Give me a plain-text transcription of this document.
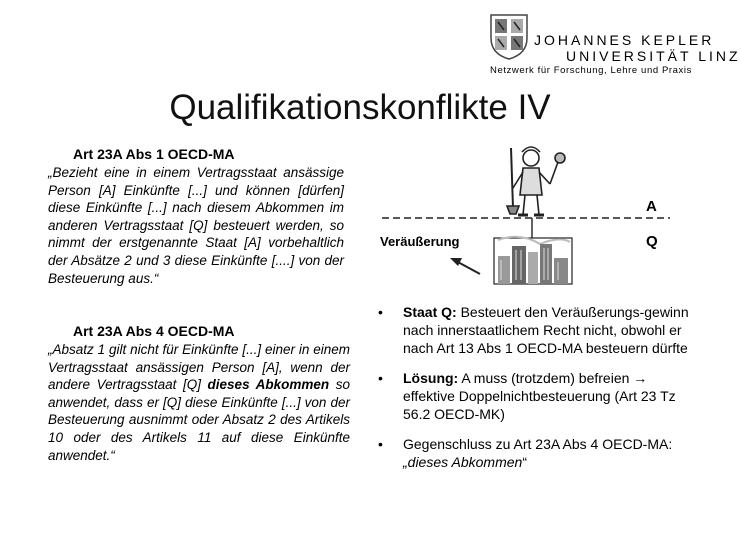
JOHANNES KEPLER
UNIVERSITÄT LINZ
Netzwerk für Forschung, Lehre und Praxis
Qualifikationskonflikte IV
Art 23A Abs 1 OECD-MA
„Bezieht eine in einem Vertragsstaat ansässige Person [A] Einkünfte [...] und können [dürfen] diese Einkünfte [...] nach diesem Abkommen im anderen Vertragsstaat [Q] besteuert werden, so nimmt der erstgenannte Staat [A] vorbehaltlich der Absätze 2 und 3 diese Einkünfte [....] von der Besteuerung aus.“
Art 23A Abs 4 OECD-MA
„Absatz 1 gilt nicht für Einkünfte [...] einer in einem Vertragsstaat ansässigen Person [A], wenn der andere Vertragsstaat [Q] dieses Abkommen so anwendet, dass er [Q] diese Einkünfte [...] von der Besteuerung ausnimmt oder Absatz 2 des Artikels 10 oder des Artikels 11 auf diese Einkünfte anwendet.“
A
Q
Veräußerung
• Staat Q: Besteuert den Veräußerungs-gewinn nach innerstaatlichem Recht nicht, obwohl er nach Art 13 Abs 1 OECD-MA besteuern dürfte
• Lösung: A muss (trotzdem) befreien → effektive Doppelnichtbesteuerung (Art 23 Tz 56.2 OECD-MK)
• Gegenschluss zu Art 23A Abs 4 OECD-MA: „dieses Abkommen“
